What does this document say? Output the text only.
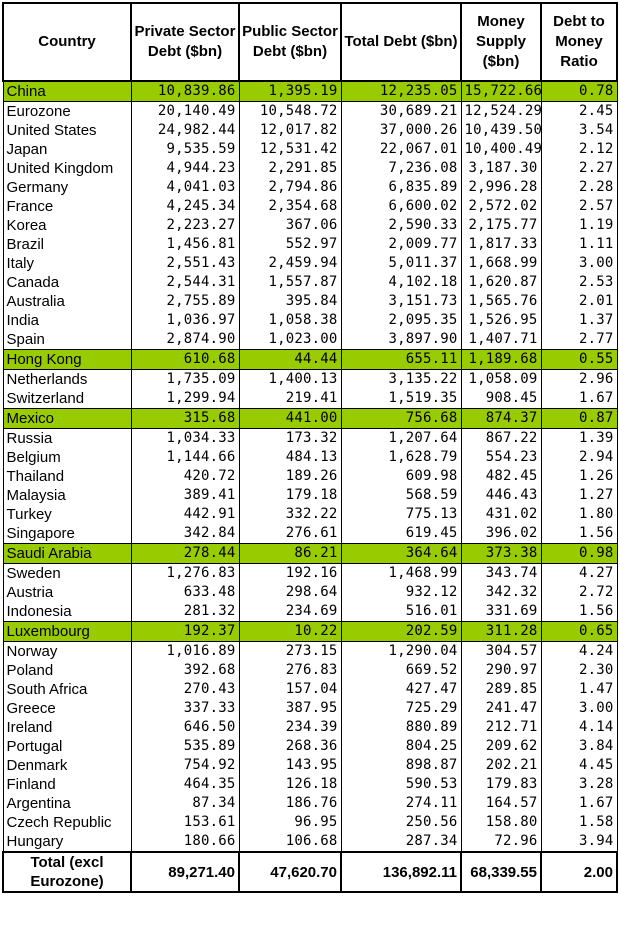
Country	Private Sector Debt ($bn)	Public Sector Debt ($bn)	Total Debt ($bn)	Money Supply ($bn)	Debt to Money Ratio
China	10,839.86	1,395.19	12,235.05	15,722.66	0.78
Eurozone	20,140.49	10,548.72	30,689.21	12,524.29	2.45
United States	24,982.44	12,017.82	37,000.26	10,439.50	3.54
Japan	9,535.59	12,531.42	22,067.01	10,400.49	2.12
United Kingdom	4,944.23	2,291.85	7,236.08	3,187.30	2.27
Germany	4,041.03	2,794.86	6,835.89	2,996.28	2.28
France	4,245.34	2,354.68	6,600.02	2,572.02	2.57
Korea	2,223.27	367.06	2,590.33	2,175.77	1.19
Brazil	1,456.81	552.97	2,009.77	1,817.33	1.11
Italy	2,551.43	2,459.94	5,011.37	1,668.99	3.00
Canada	2,544.31	1,557.87	4,102.18	1,620.87	2.53
Australia	2,755.89	395.84	3,151.73	1,565.76	2.01
India	1,036.97	1,058.38	2,095.35	1,526.95	1.37
Spain	2,874.90	1,023.00	3,897.90	1,407.71	2.77
Hong Kong	610.68	44.44	655.11	1,189.68	0.55
Netherlands	1,735.09	1,400.13	3,135.22	1,058.09	2.96
Switzerland	1,299.94	219.41	1,519.35	908.45	1.67
Mexico	315.68	441.00	756.68	874.37	0.87
Russia	1,034.33	173.32	1,207.64	867.22	1.39
Belgium	1,144.66	484.13	1,628.79	554.23	2.94
Thailand	420.72	189.26	609.98	482.45	1.26
Malaysia	389.41	179.18	568.59	446.43	1.27
Turkey	442.91	332.22	775.13	431.02	1.80
Singapore	342.84	276.61	619.45	396.02	1.56
Saudi Arabia	278.44	86.21	364.64	373.38	0.98
Sweden	1,276.83	192.16	1,468.99	343.74	4.27
Austria	633.48	298.64	932.12	342.32	2.72
Indonesia	281.32	234.69	516.01	331.69	1.56
Luxembourg	192.37	10.22	202.59	311.28	0.65
Norway	1,016.89	273.15	1,290.04	304.57	4.24
Poland	392.68	276.83	669.52	290.97	2.30
South Africa	270.43	157.04	427.47	289.85	1.47
Greece	337.33	387.95	725.29	241.47	3.00
Ireland	646.50	234.39	880.89	212.71	4.14
Portugal	535.89	268.36	804.25	209.62	3.84
Denmark	754.92	143.95	898.87	202.21	4.45
Finland	464.35	126.18	590.53	179.83	3.28
Argentina	87.34	186.76	274.11	164.57	1.67
Czech Republic	153.61	96.95	250.56	158.80	1.58
Hungary	180.66	106.68	287.34	72.96	3.94
Total (excl Eurozone)	89,271.40	47,620.70	136,892.11	68,339.55	2.00
